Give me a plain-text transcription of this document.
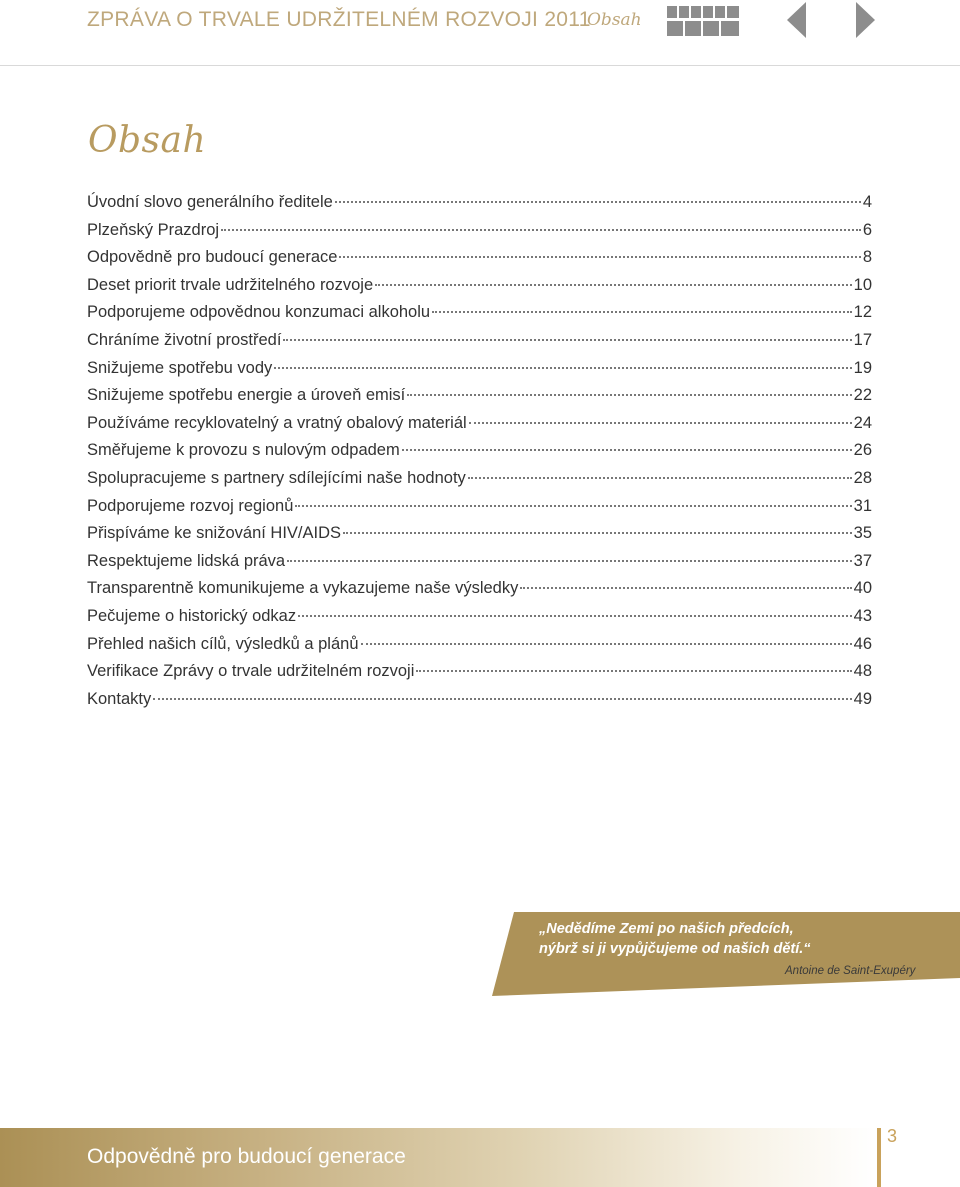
ZPRÁVA O TRVALE UDRŽITELNÉM ROZVOJI 2011
Obsah
Obsah
Úvodní slovo generálního ředitele	4
Plzeňský Prazdroj	6
Odpovědně pro budoucí generace	8
Deset priorit trvale udržitelného rozvoje	10
Podporujeme odpovědnou konzumaci alkoholu	12
Chráníme životní prostředí	17
Snižujeme spotřebu vody	19
Snižujeme spotřebu energie a úroveň emisí	22
Používáme recyklovatelný a vratný obalový materiál	24
Směřujeme k provozu s nulovým odpadem	26
Spolupracujeme s partnery sdílejícími naše hodnoty	28
Podporujeme rozvoj regionů	31
Přispíváme ke snižování HIV/AIDS	35
Respektujeme lidská práva	37
Transparentně komunikujeme a vykazujeme naše výsledky	40
Pečujeme o historický odkaz	43
Přehled našich cílů, výsledků a plánů	46
Verifikace Zprávy o trvale udržitelném rozvoji	48
Kontakty	49
„Nedědíme Zemi po našich předcích,
nýbrž si ji vypůjčujeme od našich dětí.“
Antoine de Saint-Exupéry
Odpovědně pro budoucí generace
3
